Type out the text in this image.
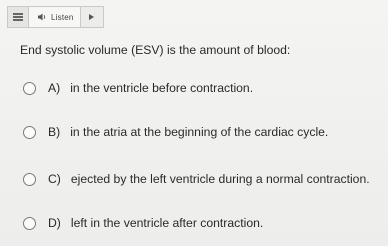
Listen
End systolic volume (ESV) is the amount of blood:
A) in the ventricle before contraction.
B) in the atria at the beginning of the cardiac cycle.
C) ejected by the left ventricle during a normal contraction.
D) left in the ventricle after contraction.
